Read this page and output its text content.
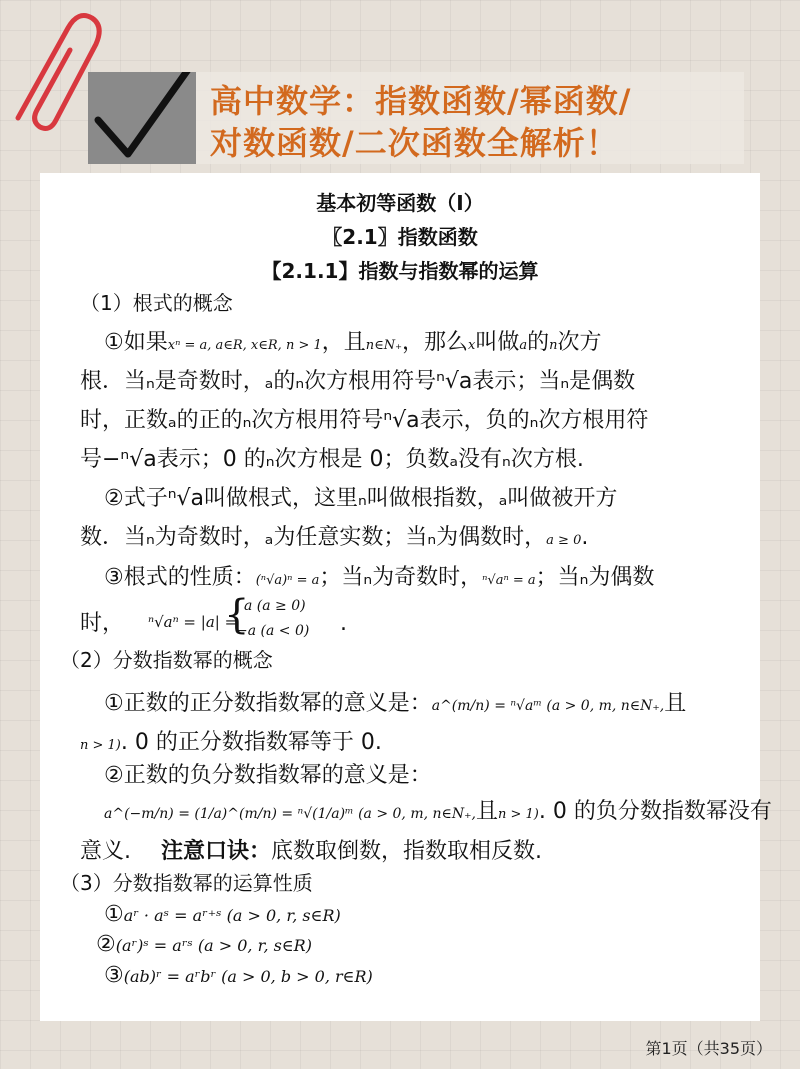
高中数学：指数函数/幂函数/
对数函数/二次函数全解析！
基本初等函数（Ⅰ）
〖2.1〗指数函数
【2.1.1】指数与指数幂的运算
（1）根式的概念
①如果xⁿ = a, a∈R, x∈R, n > 1，且n∈N₊，那么x叫做a的n次方
根．当ₙ是奇数时，ₐ的ₙ次方根用符号ⁿ√a表示；当ₙ是偶数
时，正数ₐ的正的ₙ次方根用符号ⁿ√a表示，负的ₙ次方根用符
号−ⁿ√a表示；0 的ₙ次方根是 0；负数ₐ没有ₙ次方根.
②式子ⁿ√a叫做根式，这里ₙ叫做根指数，ₐ叫做被开方
数．当ₙ为奇数时，ₐ为任意实数；当ₙ为偶数时，a ≥ 0.
③根式的性质：(ⁿ√a)ⁿ = a；当ₙ为奇数时，ⁿ√aⁿ = a；当ₙ为偶数
时， ⁿ√aⁿ = |a| =
{
a (a ≥ 0)
−a (a < 0) .
（2）分数指数幂的概念
①正数的正分数指数幂的意义是：a^(m/n) = ⁿ√aᵐ (a > 0, m, n∈N₊,且
n > 1). 0 的正分数指数幂等于 0.
②正数的负分数指数幂的意义是：
a^(−m/n) = (1/a)^(m/n) = ⁿ√(1/a)ᵐ (a > 0, m, n∈N₊,且n > 1). 0 的负分数指数幂没有
意义. 注意口诀：底数取倒数，指数取相反数.
（3）分数指数幂的运算性质
①aʳ · aˢ = aʳ⁺ˢ (a > 0, r, s∈R)
②(aʳ)ˢ = aʳˢ (a > 0, r, s∈R)
③(ab)ʳ = aʳbʳ (a > 0, b > 0, r∈R)
第1页（共35页）
